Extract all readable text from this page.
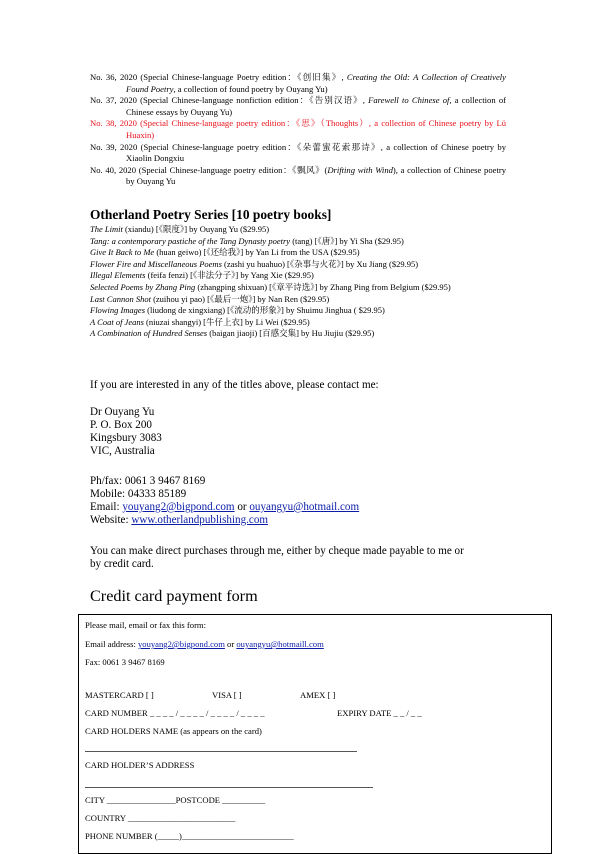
No. 36, 2020 (Special Chinese-language Poetry edition：《创旧集》, Creating the Old: A Collection of Creatively Found Poetry, a collection of found poetry by Ouyang Yu)
No. 37, 2020 (Special Chinese-language nonfiction edition：《告别汉语》, Farewell to Chinese of, a collection of Chinese essays by Ouyang Yu)
No. 38, 2020 (Special Chinese-language poetry edition：《思》（Thoughts）, a collection of Chinese poetry by Lü Huaxin)
No. 39, 2020 (Special Chinese-language poetry edition：《朵蕾蜜花索那诗》, a collection of Chinese poetry by Xiaolin Dongxiu
No. 40, 2020 (Special Chinese-language poetry edition：《飘风》(Drifting with Wind), a collection of Chinese poetry by Ouyang Yu
Otherland Poetry Series [10 poetry books]
The Limit (xiandu) [《限度》] by Ouyang Yu ($29.95)
Tang: a contemporary pastiche of the Tang Dynasty poetry (tang) [《唐》] by Yi Sha ($29.95)
Give It Back to Me (huan geiwo) [《还给我》] by Yan Li from the USA ($29.95)
Flower Fire and Miscellaneous Poems (zashi yu huahuo) [《杂事与火花》] by Xu Jiang ($29.95)
Illegal Elements (feifa fenzi) [《非法分子》] by Yang Xie ($29.95)
Selected Poems by Zhang Ping (zhangping shixuan) [《章平诗选》] by Zhang Ping from Belgium ($29.95)
Last Cannon Shot (zuihou yi pao) [《最后一炮》] by Nan Ren ($29.95)
Flowing Images (liudong de xingxiang) [《流动的形象》] by Shuimu Jinghua ( $29.95)
A Coat of Jeans (niuzai shangyi) [牛仔上衣] by Li Wei ($29.95)
A Combination of Hundred Senses (baigan jiaoji) [百感交集] by Hu Jiujiu ($29.95)
If you are interested in any of the titles above, please contact me:
Dr Ouyang Yu
P. O. Box 200
Kingsbury 3083
VIC, Australia
Ph/fax: 0061 3 9467 8169
Mobile: 04333 85189
Email: youyang2@bigpond.com or ouyangyu@hotmail.com
Website: www.otherlandpublishing.com
You can make direct purchases through me, either by cheque made payable to me or
by credit card.
Credit card payment form
Please mail, email or fax this form:
Email address: youyang2@bigpond.com or ouyangyu@hotmaill.com
Fax: 0061 3 9467 8169
MASTERCARD [ ]	VISA [ ]	AMEX [ ]
CARD NUMBER _ _ _ _ / _ _ _ _ / _ _ _ _ / _ _ _ _	EXPIRY DATE _ _ / _ _
CARD HOLDERS NAME (as appears on the card)
CARD HOLDER’S ADDRESS
CITY ________________POSTCODE __________
COUNTRY _________________________
PHONE NUMBER (_____)__________________________
